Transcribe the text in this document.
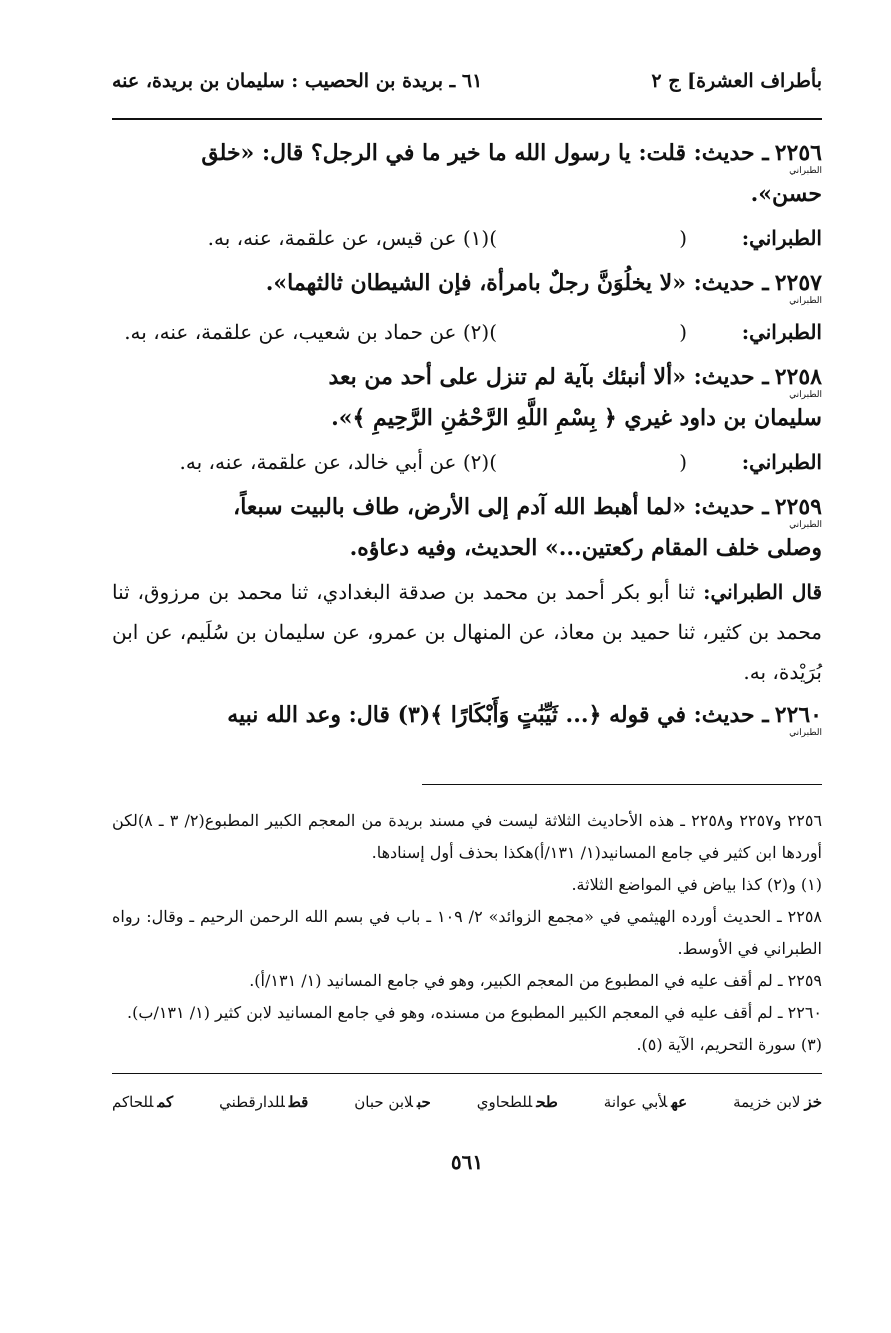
بأطراف العشرة] ج ٢
٦١ ـ بريدة بن الحصيب : سليمان بن بريدة، عنه
٢٢٥٦ـ حديث: قلت: يا رسول الله ما خير ما في الرجل؟ قال: «خلق
الطبراني
حسن».
الطبراني:
(
)(١) عن قيس، عن علقمة، عنه، به.
٢٢٥٧ـ حديث: «لا يخلُوَنَّ رجلٌ بامرأة، فإن الشيطان ثالثهما».
الطبراني
الطبراني:
(
)(٢) عن حماد بن شعيب، عن علقمة، عنه، به.
٢٢٥٨ـ حديث: «ألا أنبئك بآية لم تنزل على أحد من بعد
الطبراني
سليمان بن داود غيري ﴿ بِسْمِ اللَّهِ الرَّحْمَٰنِ الرَّحِيمِ ﴾».
الطبراني:
(
)(٢) عن أبي خالد، عن علقمة، عنه، به.
٢٢٥٩ـ حديث: «لما أهبط الله آدم إلى الأرض، طاف بالبيت سبعاً،
الطبراني
وصلى خلف المقام ركعتين...» الحديث، وفيه دعاؤه.

قال الطبراني: ثنا أبو بكر أحمد بن محمد بن صدقة البغدادي، ثنا محمد بن مرزوق، ثنا محمد بن كثير، ثنا حميد بن معاذ، عن المنهال بن عمرو، عن سليمان بن سُلَيم، عن ابن بُرَيْدة، به.

٢٢٦٠ـ حديث: في قوله ﴿... ثَيِّبَٰتٍ وَأَبْكَارًا ﴾(٣) قال: وعد الله نبيه
الطبراني

٢٢٥٦ و٢٢٥٧ و٢٢٥٨ ـ هذه الأحاديث الثلاثة ليست في مسند بريدة من المعجم الكبير المطبوع(٢/ ٣ ـ ٨)لكن أوردها ابن كثير في جامع المسانيد(١/ ١٣١/أ)هكذا بحذف أول إسنادها.

(١) و(٢) كذا بياض في المواضع الثلاثة.

٢٢٥٨ ـ الحديث أورده الهيثمي في «مجمع الزوائد» ٢/ ١٠٩ ـ باب في بسم الله الرحمن الرحيم ـ وقال: رواه الطبراني في الأوسط.

٢٢٥٩ ـ لم أقف عليه في المطبوع من المعجم الكبير، وهو في جامع المسانيد (١/ ١٣١/أ).

٢٢٦٠ ـ لم أقف عليه في المعجم الكبير المطبوع من مسنده، وهو في جامع المسانيد لابن كثير (١/ ١٣١/ب).

(٣) سورة التحريم، الآية (٥).

خزلابن خزيمة
عهلأبي عوانة
طحللطحاوي
حبلابن حبان
قطللدارقطني
كمللحاكم
٥٦١
